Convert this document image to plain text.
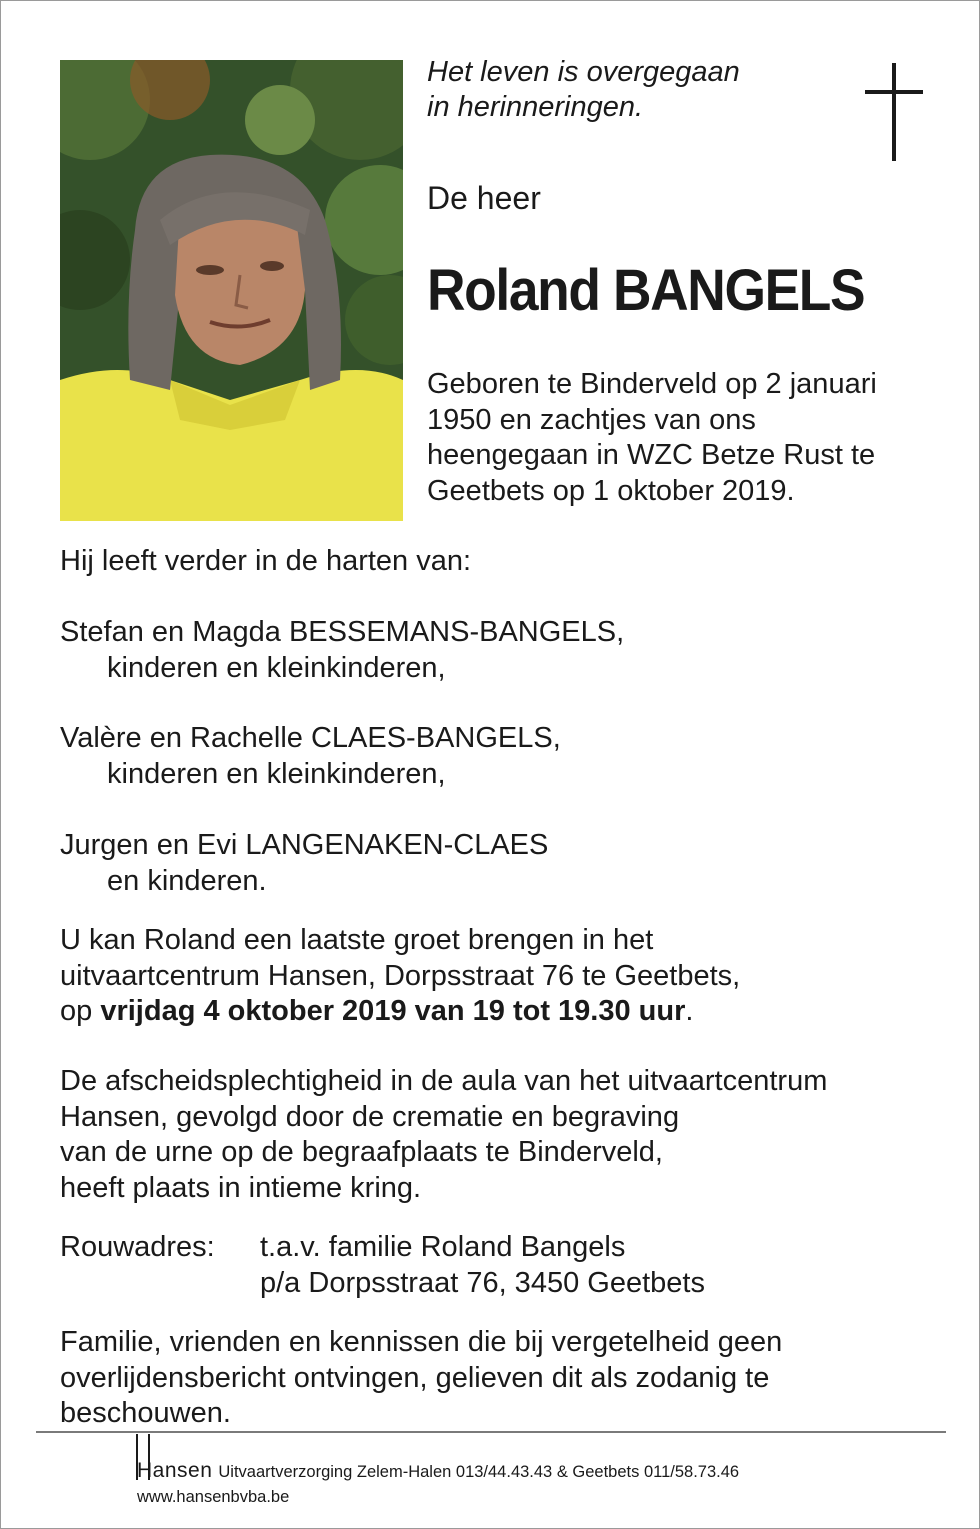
Het leven is overgegaan
in herinneringen.
De heer
Roland BANGELS
Geboren te Binderveld op 2 januari
1950 en zachtjes van ons
heengegaan in WZC Betze Rust te
Geetbets op 1 oktober 2019.
Hij leeft verder in de harten van:
Stefan en Magda BESSEMANS-BANGELS,
kinderen en kleinkinderen,
Valère en Rachelle CLAES-BANGELS,
kinderen en kleinkinderen,
Jurgen en Evi LANGENAKEN-CLAES
en kinderen.
U kan Roland een laatste groet brengen in het
uitvaartcentrum Hansen, Dorpsstraat 76 te Geetbets,
op vrijdag 4 oktober 2019 van 19 tot 19.30 uur.
De afscheidsplechtigheid in de aula van het uitvaartcentrum
Hansen, gevolgd door de crematie en begraving
van de urne op de begraafplaats te Binderveld,
heeft plaats in intieme kring.
Rouwadres: t.a.v. familie Roland Bangels
p/a Dorpsstraat 76, 3450 Geetbets
Familie, vrienden en kennissen die bij vergetelheid geen
overlijdensbericht ontvingen, gelieven dit als zodanig te
beschouwen.
Hansen Uitvaartverzorging Zelem-Halen 013/44.43.43 & Geetbets 011/58.73.46
www.hansenbvba.be
